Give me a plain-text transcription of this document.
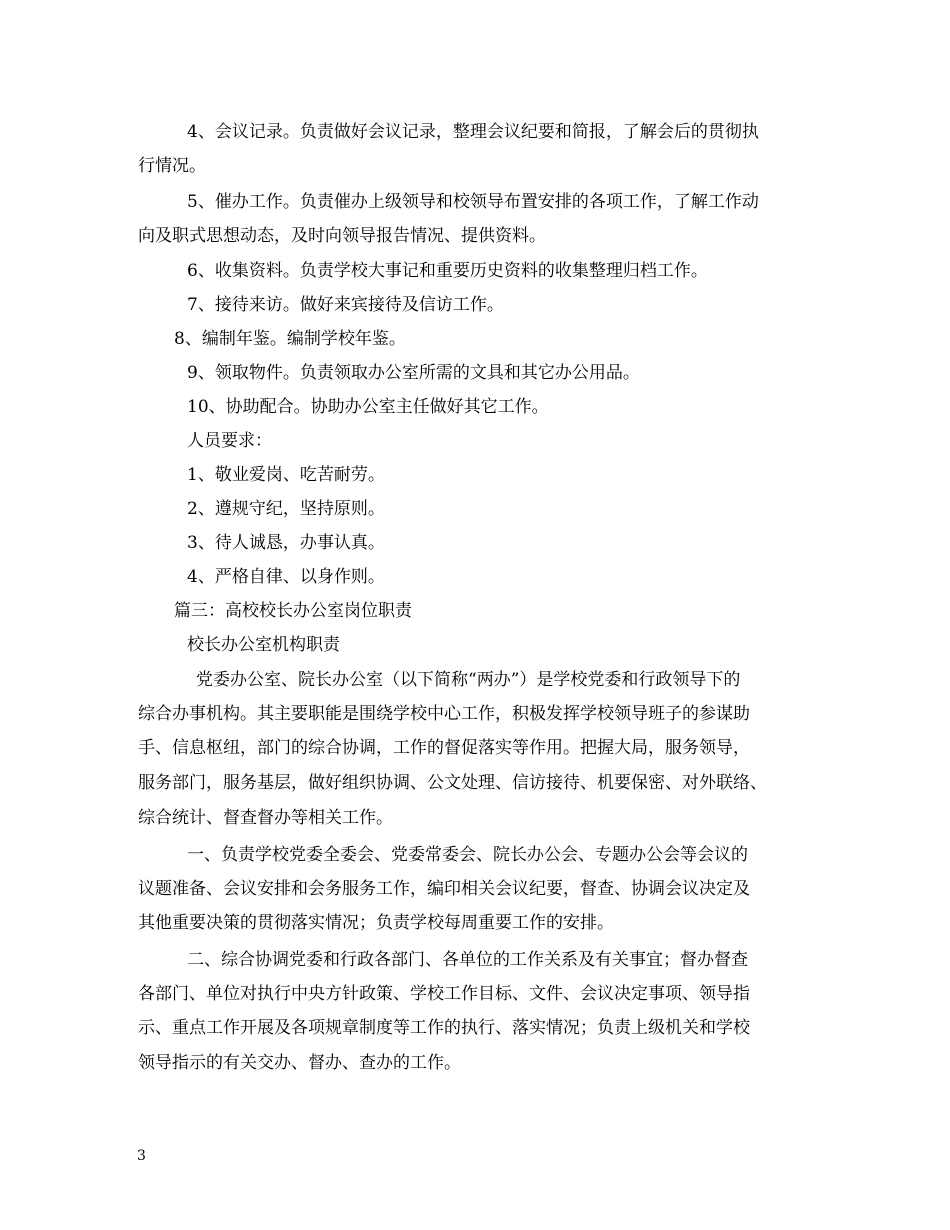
4、会议记录。负责做好会议记录，整理会议纪要和简报，了解会后的贯彻执
行情况。
5、催办工作。负责催办上级领导和校领导布置安排的各项工作，了解工作动
向及职式思想动态，及时向领导报告情况、提供资料。
6、收集资料。负责学校大事记和重要历史资料的收集整理归档工作。
7、接待来访。做好来宾接待及信访工作。
8、编制年鉴。编制学校年鉴。
9、领取物件。负责领取办公室所需的文具和其它办公用品。
10、协助配合。协助办公室主任做好其它工作。
人员要求：
1、敬业爱岗、吃苦耐劳。
2、遵规守纪，坚持原则。
3、待人诚恳，办事认真。
4、严格自律、以身作则。
篇三：高校校长办公室岗位职责
校长办公室机构职责
党委办公室、院长办公室（以下简称“两办”）是学校党委和行政领导下的
综合办事机构。其主要职能是围绕学校中心工作，积极发挥学校领导班子的参谋助
手、信息枢纽，部门的综合协调，工作的督促落实等作用。把握大局，服务领导，
服务部门，服务基层，做好组织协调、公文处理、信访接待、机要保密、对外联络、
综合统计、督查督办等相关工作。
一、负责学校党委全委会、党委常委会、院长办公会、专题办公会等会议的
议题准备、会议安排和会务服务工作，编印相关会议纪要，督查、协调会议决定及
其他重要决策的贯彻落实情况；负责学校每周重要工作的安排。
二、综合协调党委和行政各部门、各单位的工作关系及有关事宜；督办督查
各部门、单位对执行中央方针政策、学校工作目标、文件、会议决定事项、领导指
示、重点工作开展及各项规章制度等工作的执行、落实情况；负责上级机关和学校
领导指示的有关交办、督办、查办的工作。
3
